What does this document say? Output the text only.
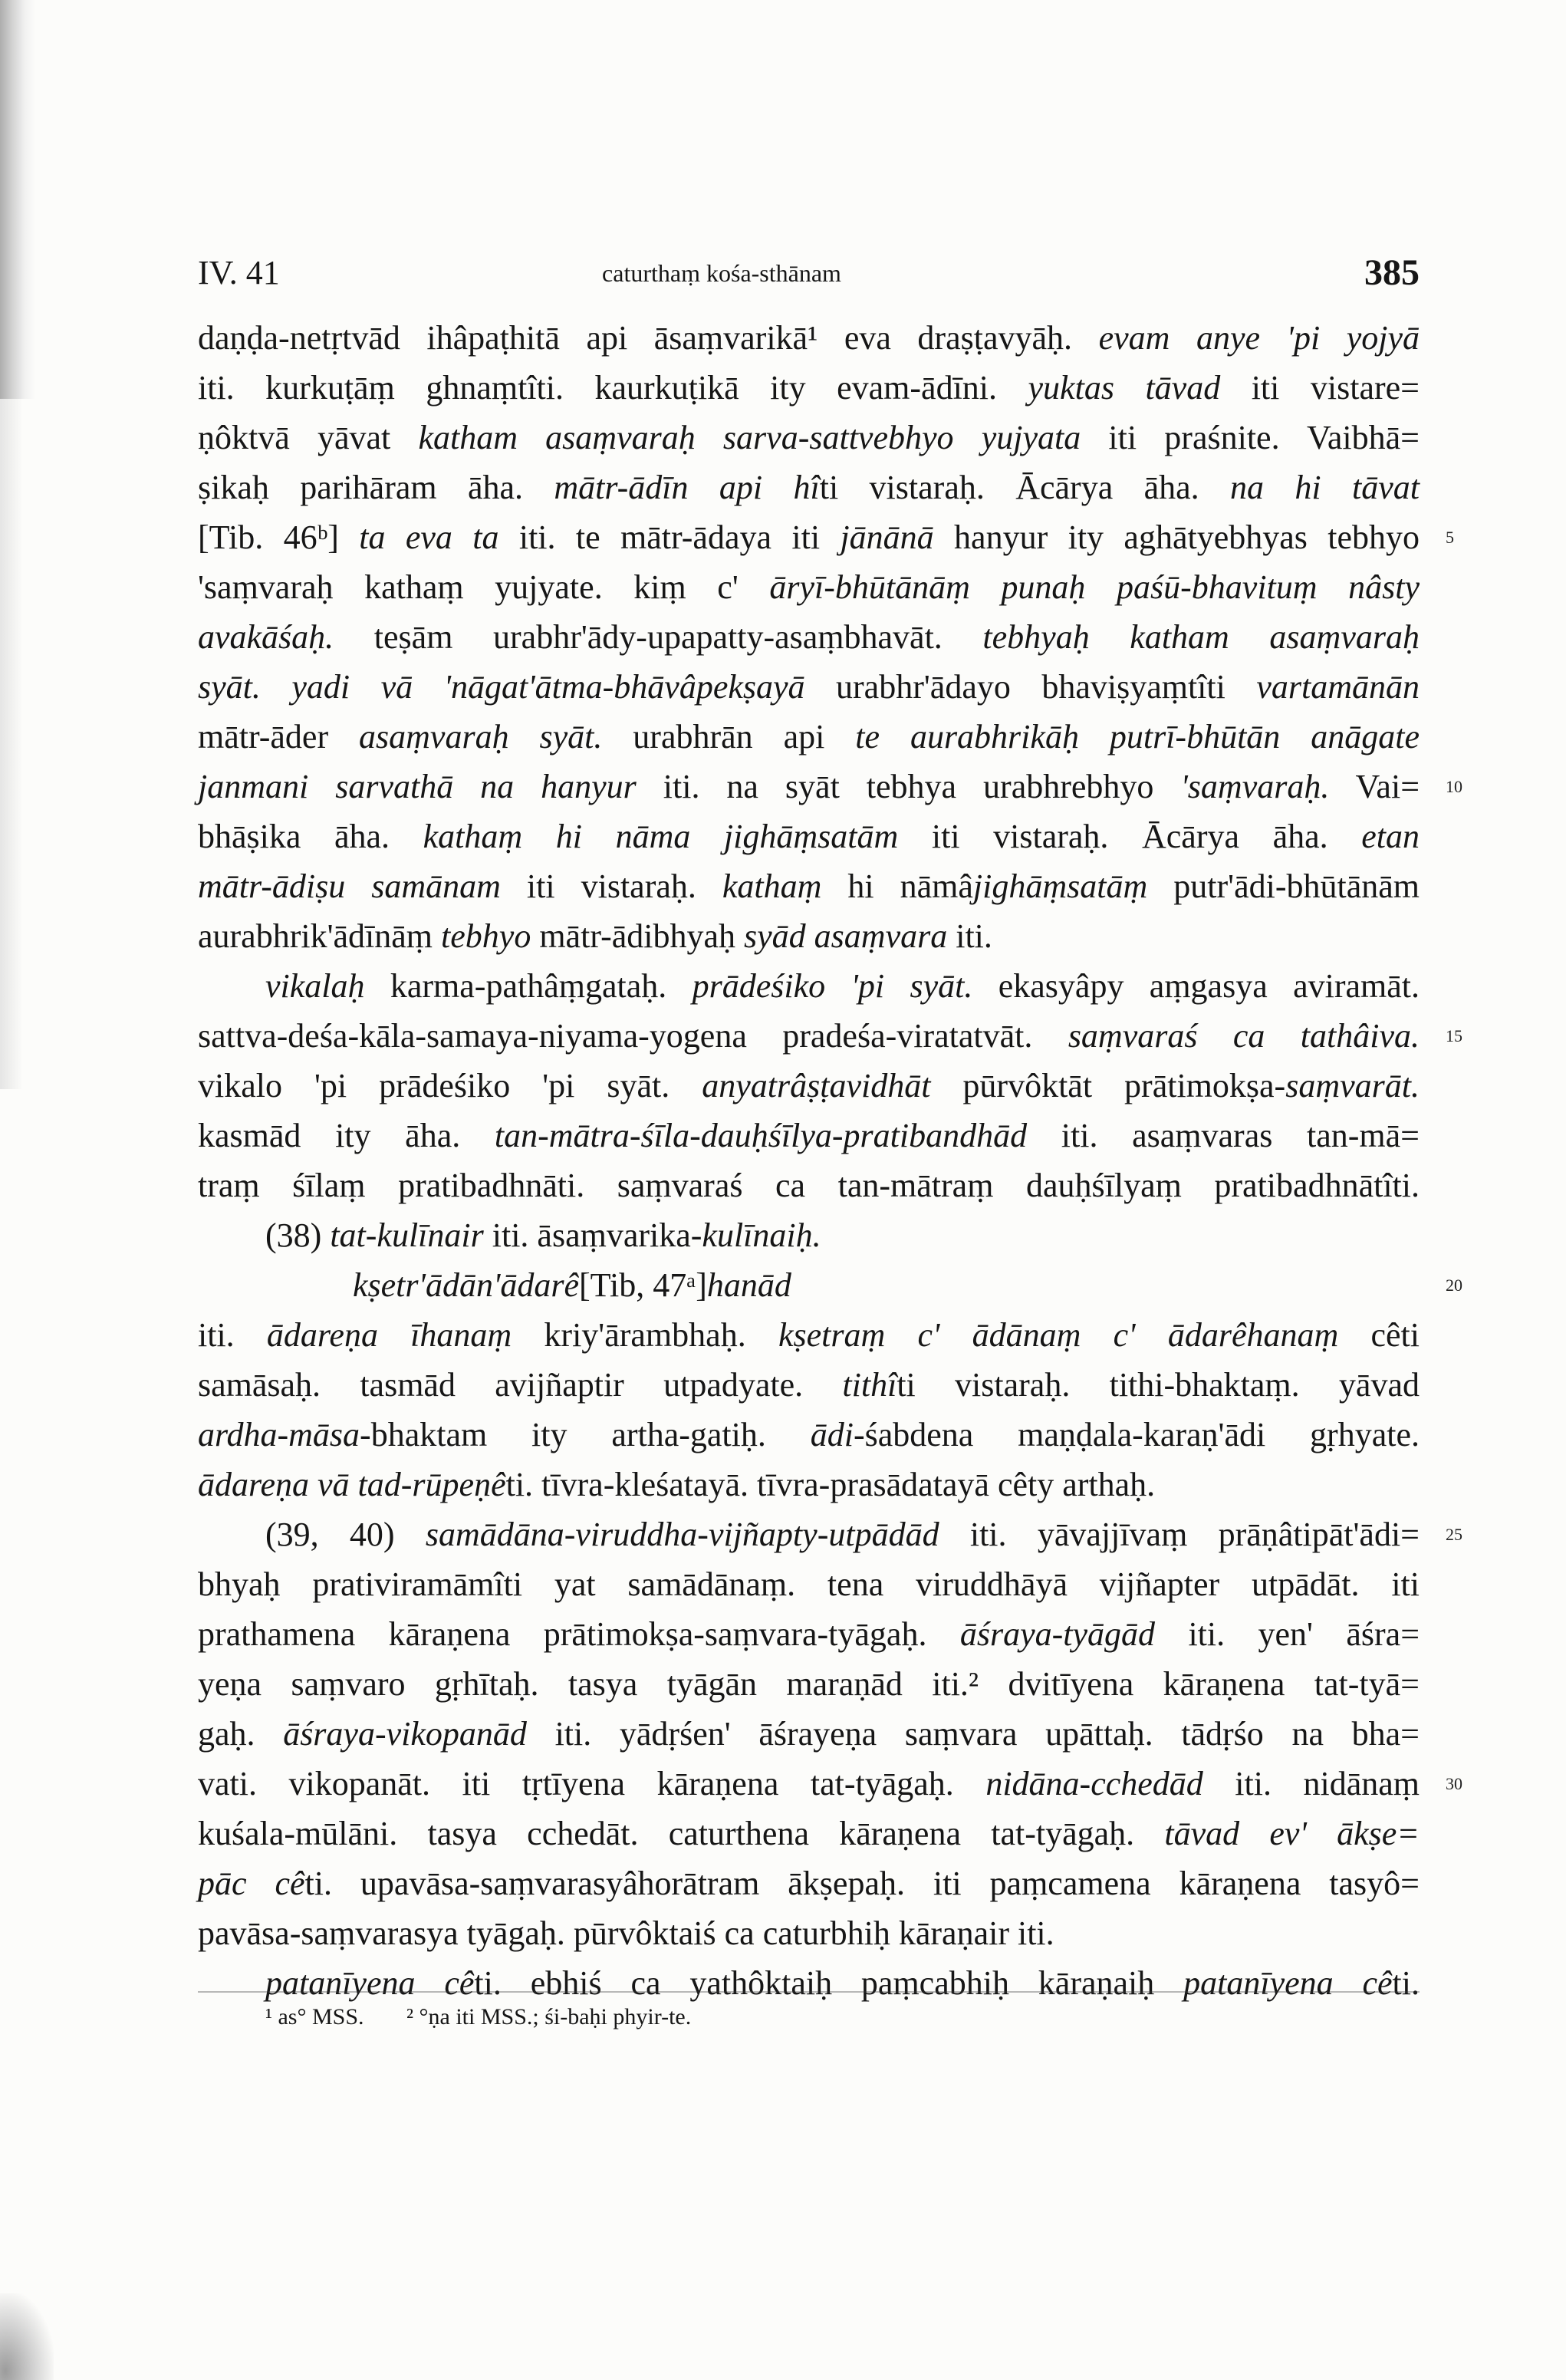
IV. 41	caturthaṃ kośa-sthānam	385
daṇḍa-netṛtvād ihâpaṭhitā api āsaṃvarikā¹ eva draṣṭavyāḥ. evam anye 'pi yojyā
iti. kurkuṭāṃ ghnaṃtîti. kaurkuṭikā ity evam-ādīni. yuktas tāvad iti vistare=
ṇôktvā yāvat katham asaṃvaraḥ sarva-sattvebhyo yujyata iti praśnite. Vaibhā=
ṣikaḥ parihāram āha. mātr-ādīn api hîti vistaraḥ. Ācārya āha. na hi tāvat
[Tib. 46ᵇ] ta eva ta iti. te mātr-ādaya iti jānānā hanyur ity aghātyebhyas tebhyo 5
'saṃvaraḥ kathaṃ yujyate. kiṃ c' āryī-bhūtānāṃ punaḥ paśū-bhavituṃ nâsty
avakāśaḥ. teṣām urabhr'ādy-upapatty-asaṃbhavāt. tebhyaḥ katham asaṃvaraḥ
syāt. yadi vā 'nāgat'ātma-bhāvâpekṣayā urabhr'ādayo bhaviṣyaṃtîti vartamānān
mātr-āder asaṃvaraḥ syāt. urabhrān api te aurabhrikāḥ putrī-bhūtān anāgate
janmani sarvathā na hanyur iti. na syāt tebhya urabhrebhyo 'saṃvaraḥ. Vai= 10
bhāṣika āha. kathaṃ hi nāma jighāṃsatām iti vistaraḥ. Ācārya āha. etan
mātr-ādiṣu samānam iti vistaraḥ. kathaṃ hi nāmâjighāṃsatāṃ putr'ādi-bhūtānām
aurabhrik'ādīnāṃ tebhyo mātr-ādibhyaḥ syād asaṃvara iti.
vikalaḥ karma-pathâṃgataḥ. prādeśiko 'pi syāt. ekasyâpy aṃgasya aviramāt.
sattva-deśa-kāla-samaya-niyama-yogena pradeśa-viratatvāt. saṃvaraś ca tathâiva. 15
vikalo 'pi prādeśiko 'pi syāt. anyatrâṣṭavidhāt pūrvôktāt prātimokṣa-saṃvarāt.
kasmād ity āha. tan-mātra-śīla-dauḥśīlya-pratibandhād iti. asaṃvaras tan-mā=
traṃ śīlaṃ pratibadhnāti. saṃvaraś ca tan-mātraṃ dauḥśīlyaṃ pratibadhnātîti.
(38) tat-kulīnair iti. āsaṃvarika-kulīnaiḥ.
kṣetr'ādān'ādarê[Tib, 47ᵃ]hanād	20
iti. ādareṇa īhanaṃ kriy'ārambhaḥ. kṣetraṃ c' ādānaṃ c' ādarêhanaṃ cêti
samāsaḥ. tasmād avijñaptir utpadyate. tithîti vistaraḥ. tithi-bhaktaṃ. yāvad
ardha-māsa-bhaktam ity artha-gatiḥ. ādi-śabdena maṇḍala-karaṇ'ādi gṛhyate.
ādareṇa vā tad-rūpeṇêti. tīvra-kleśatayā. tīvra-prasādatayā cêty arthaḥ.
(39, 40) samādāna-viruddha-vijñapty-utpādād iti. yāvajjīvaṃ prāṇâtipāt'ādi= 25
bhyaḥ prativiramāmîti yat samādānaṃ. tena viruddhāyā vijñapter utpādāt. iti
prathamena kāraṇena prātimokṣa-saṃvara-tyāgaḥ. āśraya-tyāgād iti. yen' āśra=
yeṇa saṃvaro gṛhītaḥ. tasya tyāgān maraṇād iti.² dvitīyena kāraṇena tat-tyā=
gaḥ. āśraya-vikopanād iti. yādṛśen' āśrayeṇa saṃvara upāttaḥ. tādṛśo na bha=
vati. vikopanāt. iti tṛtīyena kāraṇena tat-tyāgaḥ. nidāna-cchedād iti. nidānaṃ 30
kuśala-mūlāni. tasya cchedāt. caturthena kāraṇena tat-tyāgaḥ. tāvad ev' ākṣe=
pāc cêti. upavāsa-saṃvarasyâhorātram ākṣepaḥ. iti paṃcamena kāraṇena tasyô=
pavāsa-saṃvarasya tyāgaḥ. pūrvôktaiś ca caturbhiḥ kāraṇair iti.
patanīyena cêti. ebhiś ca yathôktaiḥ paṃcabhiḥ kāraṇaiḥ patanīyena cêti.
¹ as° MSS. ² °ṇa iti MSS.; śi-baḥi phyir-te.
